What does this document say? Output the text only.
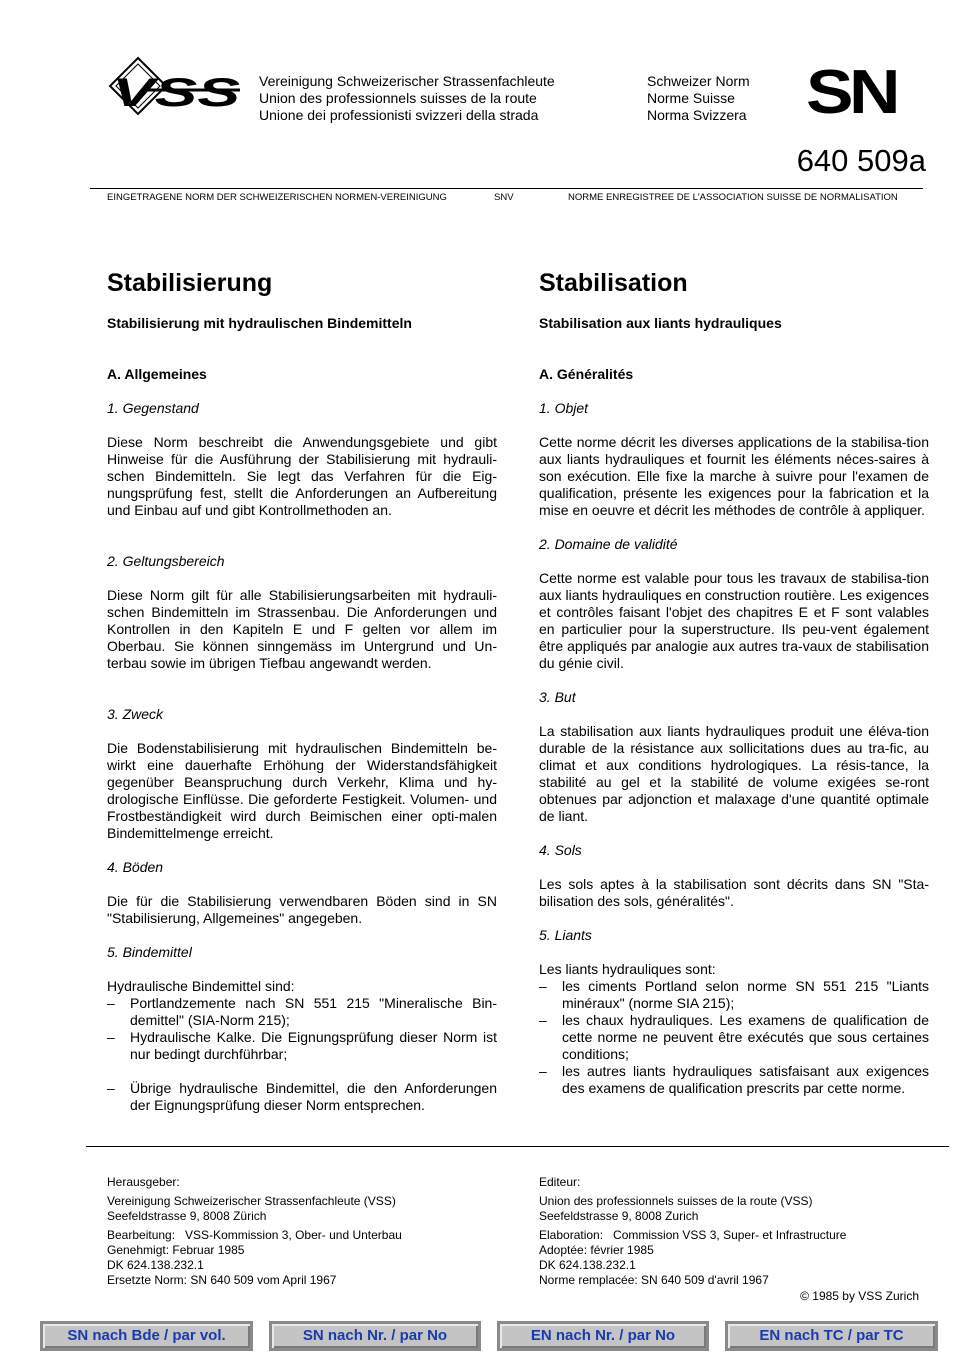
VSS Vereinigung Schweizerischer Strassenfachleute
Union des professionnels suisses de la route
Unione dei professionisti svizzeri della strada
Schweizer Norm
Norme Suisse
Norma Svizzera SN
640 509a
EINGETRAGENE NORM DER SCHWEIZERISCHEN NORMEN-VEREINIGUNG	SNV	NORME ENREGISTREE DE L'ASSOCIATION SUISSE DE NORMALISATION
Stabilisierung
Stabilisierung mit hydraulischen Bindemitteln
A. Allgemeines
1. Gegenstand
Diese Norm beschreibt die Anwendungsgebiete und gibt Hinweise für die Ausführung der Stabilisierung mit hydrauli-schen Bindemitteln. Sie legt das Verfahren für die Eig-nungsprüfung fest, stellt die Anforderungen an Aufbereitung und Einbau auf und gibt Kontrollmethoden an.
2. Geltungsbereich
Diese Norm gilt für alle Stabilisierungsarbeiten mit hydrauli-schen Bindemitteln im Strassenbau. Die Anforderungen und Kontrollen in den Kapiteln E und F gelten vor allem im Oberbau. Sie können sinngemäss im Untergrund und Un-terbau sowie im übrigen Tiefbau angewandt werden.
3. Zweck
Die Bodenstabilisierung mit hydraulischen Bindemitteln be-wirkt eine dauerhafte Erhöhung der Widerstandsfähigkeit gegenüber Beanspruchung durch Verkehr, Klima und hy-drologische Einflüsse. Die geforderte Festigkeit. Volumen- und Frostbeständigkeit wird durch Beimischen einer opti-malen Bindemittelmenge erreicht.
4. Böden
Die für die Stabilisierung verwendbaren Böden sind in SN "Stabilisierung, Allgemeines" angegeben.
5. Bindemittel
Hydraulische Bindemittel sind:
– Portlandzemente nach SN 551 215 "Mineralische Bin-demittel" (SIA-Norm 215);
– Hydraulische Kalke. Die Eignungsprüfung dieser Norm ist nur bedingt durchführbar;
– Übrige hydraulische Bindemittel, die den Anforderungen der Eignungsprüfung dieser Norm entsprechen.
Stabilisation
Stabilisation aux liants hydrauliques
A. Généralités
1. Objet
Cette norme décrit les diverses applications de la stabilisa-tion aux liants hydrauliques et fournit les éléments néces-saires à son exécution. Elle fixe la marche à suivre pour l'examen de qualification, présente les exigences pour la fabrication et la mise en oeuvre et décrit les méthodes de contrôle à appliquer.
2. Domaine de validité
Cette norme est valable pour tous les travaux de stabilisa-tion aux liants hydrauliques en construction routière. Les exigences et contrôles faisant l'objet des chapitres E et F sont valables en particulier pour la superstructure. Ils peu-vent également être appliqués par analogie aux autres tra-vaux de stabilisation du génie civil.
3. But
La stabilisation aux liants hydrauliques produit une éléva-tion durable de la résistance aux sollicitations dues au tra-fic, au climat et aux conditions hydrologiques. La résis-tance, la stabilité au gel et la stabilité de volume exigées se-ront obtenues par adjonction et malaxage d'une quantité optimale de liant.
4. Sols
Les sols aptes à la stabilisation sont décrits dans SN "Sta-bilisation des sols, généralités".
5. Liants
Les liants hydrauliques sont:
– les ciments Portland selon norme SN 551 215 "Liants minéraux" (norme SIA 215);
– les chaux hydrauliques. Les examens de qualification de cette norme ne peuvent être exécutés que sous certaines conditions;
– les autres liants hydrauliques satisfaisant aux exigences des examens de qualification prescrits par cette norme.
Herausgeber:
Vereinigung Schweizerischer Strassenfachleute (VSS)
Seefeldstrasse 9, 8008 Zürich
Bearbeitung:   VSS-Kommission 3, Ober- und Unterbau
Genehmigt: Februar 1985
DK 624.138.232.1
Ersetzte Norm: SN 640 509 vom April 1967
Editeur:
Union des professionnels suisses de la route (VSS)
Seefeldstrasse 9, 8008 Zurich
Elaboration:   Commission VSS 3, Super- et Infrastructure
Adoptée: février 1985
DK 624.138.232.1
Norme remplacée: SN 640 509 d'avril 1967
© 1985 by VSS Zurich
SN nach Bde / par vol.	SN nach Nr. / par No	EN nach Nr. / par No	EN nach TC / par TC
